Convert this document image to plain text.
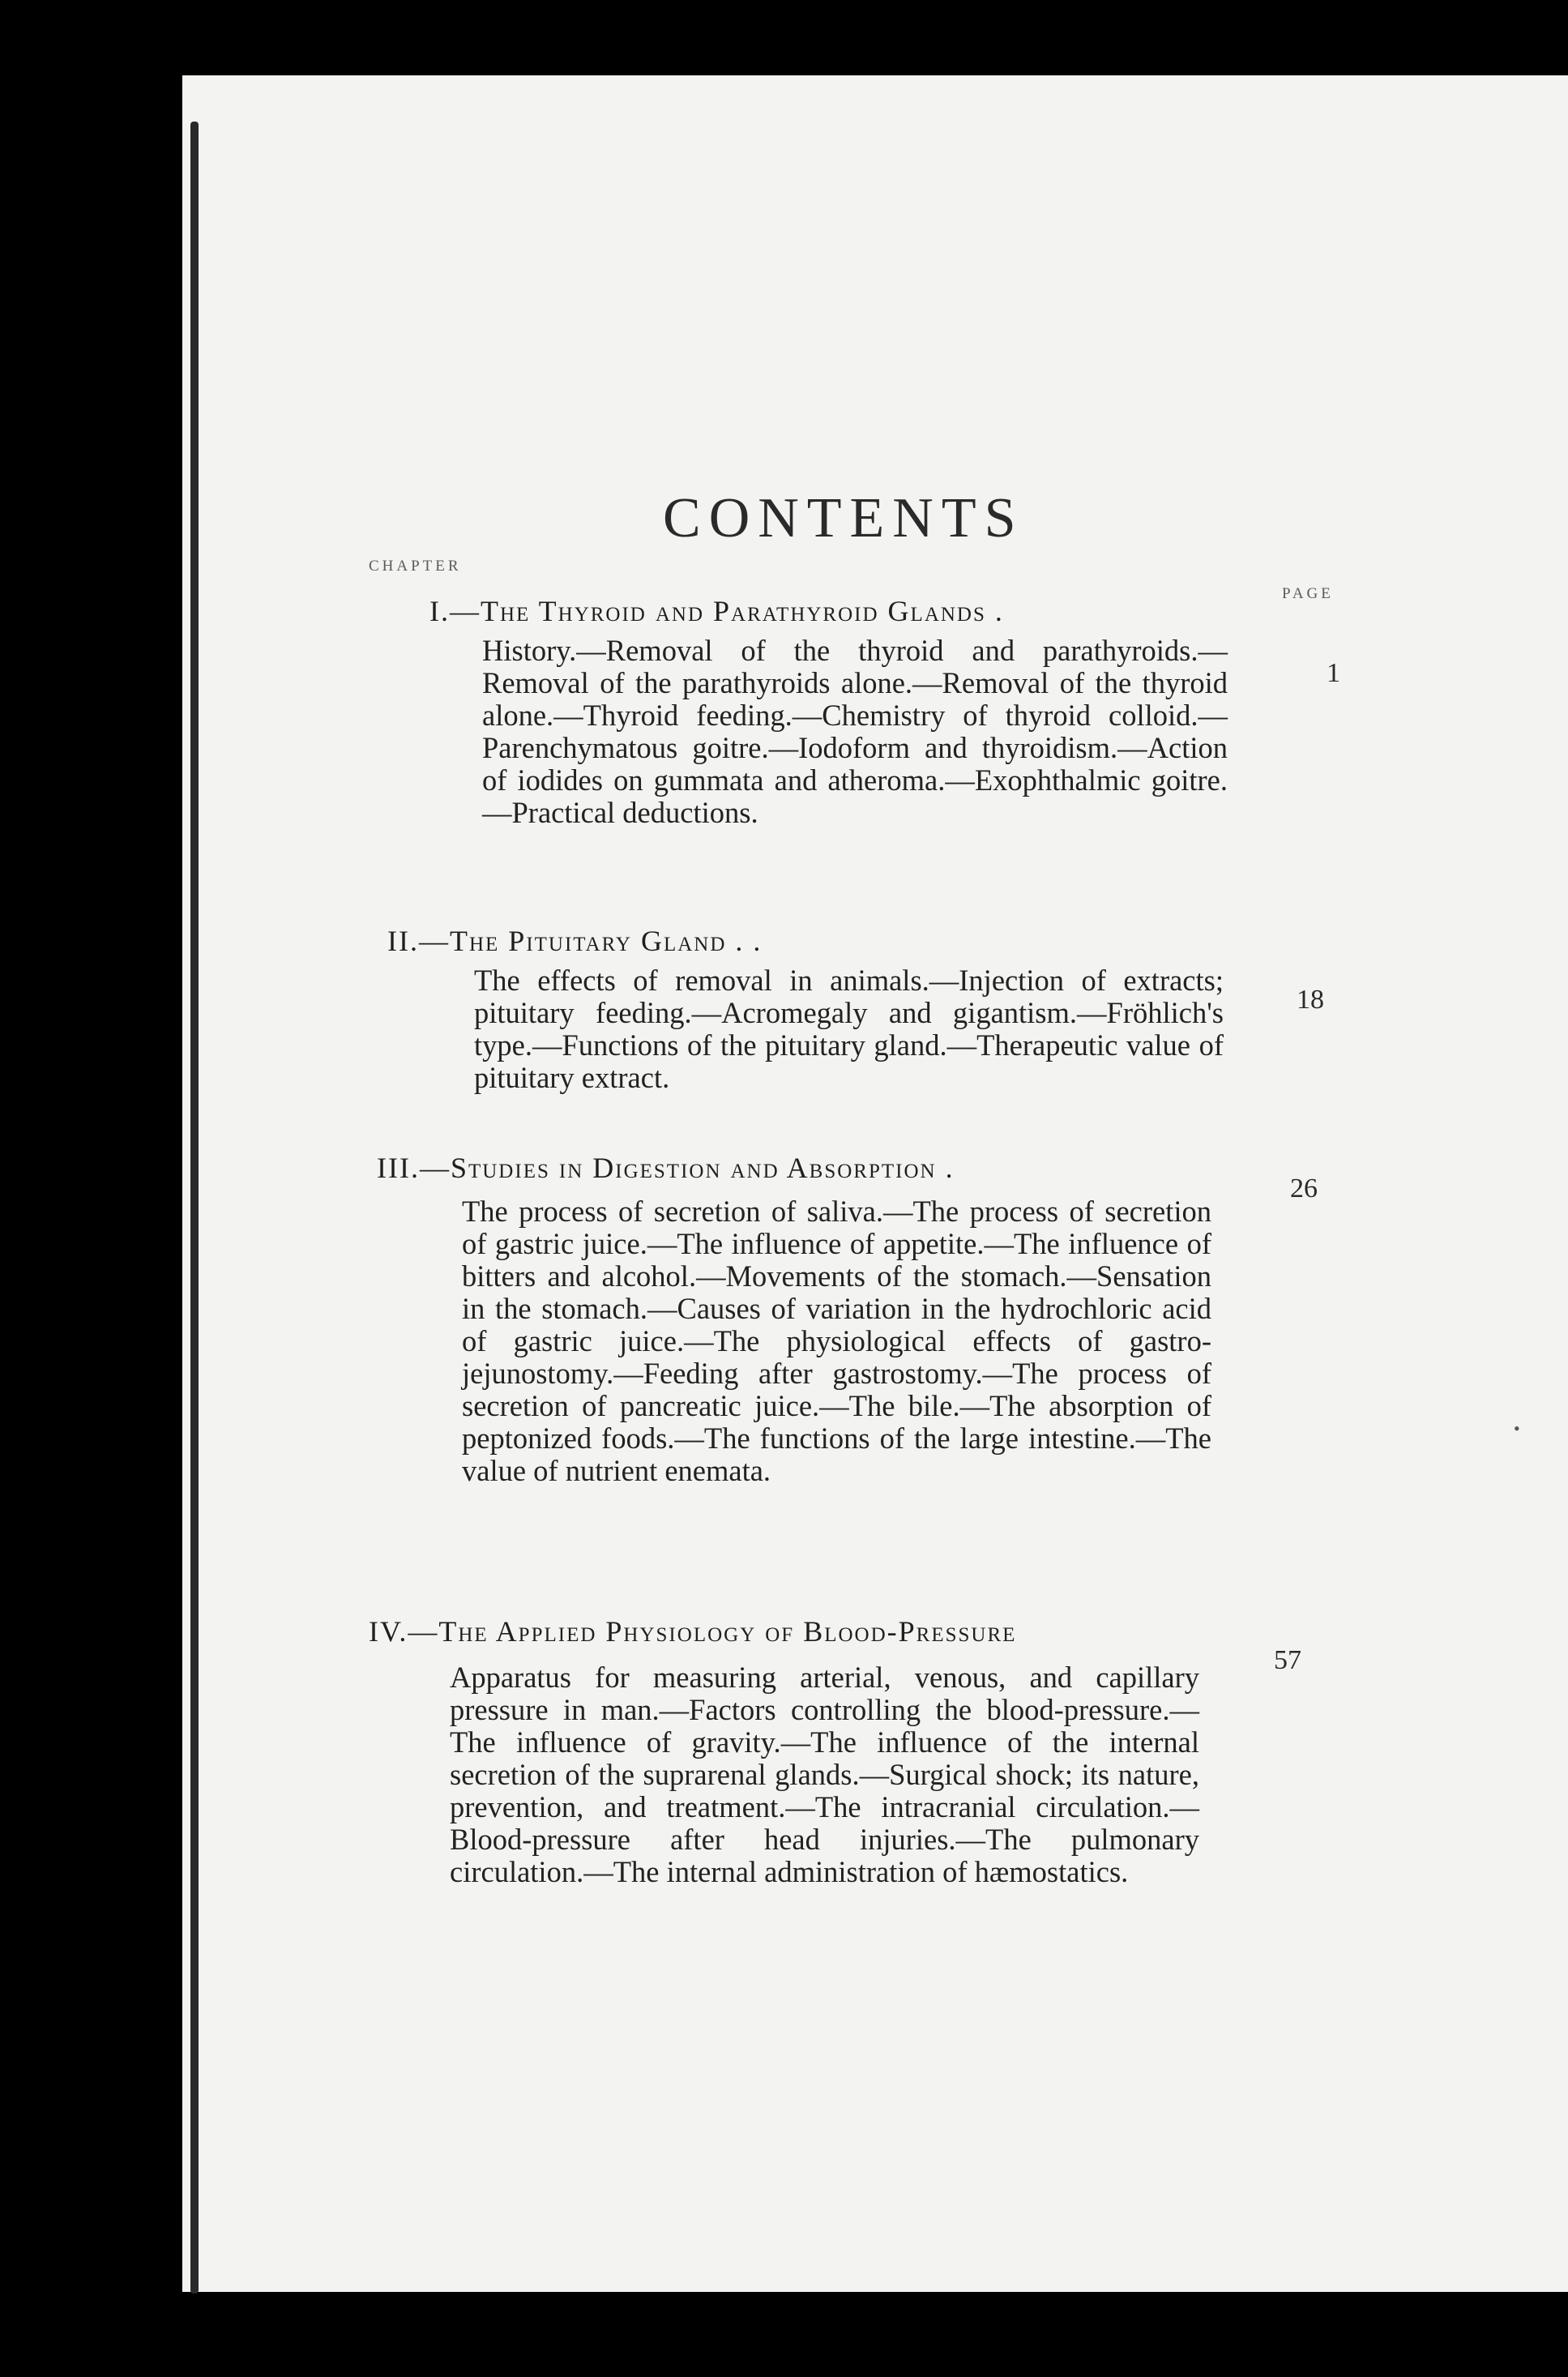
CONTENTS
CHAPTER
PAGE
I.—The Thyroid and Parathyroid Glands .
History.—Removal of the thyroid and parathyroids.—Removal of the parathyroids alone.—Removal of the thyroid alone.—Thyroid feeding.—Chemistry of thyroid colloid.—Parenchymatous goitre.—Iodoform and thyroidism.—Action of iodides on gummata and atheroma.—Exophthalmic goitre.—Practical deductions.
1
II.—The Pituitary Gland . .
The effects of removal in animals.—Injection of extracts; pituitary feeding.—Acromegaly and gigantism.—Fröhlich's type.—Functions of the pituitary gland.—Therapeutic value of pituitary extract.
18
III.—Studies in Digestion and Absorption .
The process of secretion of saliva.—The process of secretion of gastric juice.—The influence of appetite.—The influence of bitters and alcohol.—Movements of the stomach.—Sensation in the stomach.—Causes of variation in the hydrochloric acid of gastric juice.—The physiological effects of gastro-jejunostomy.—Feeding after gastrostomy.—The process of secretion of pancreatic juice.—The bile.—The absorption of peptonized foods.—The functions of the large intestine.—The value of nutrient enemata.
26
IV.—The Applied Physiology of Blood-Pressure
Apparatus for measuring arterial, venous, and capillary pressure in man.—Factors controlling the blood-pressure.—The influence of gravity.—The influence of the internal secretion of the suprarenal glands.—Surgical shock; its nature, prevention, and treatment.—The intracranial circulation.—Blood-pressure after head injuries.—The pulmonary circulation.—The internal administration of hæmostatics.
57
•
